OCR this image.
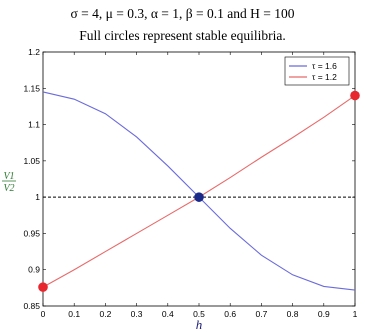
σ = 4, μ = 0.3, α = 1, β = 0.1 and H = 100
Full circles represent stable equilibria.
0	0.1 0.2 0.3 0.4 0.5 0.6 0.7 0.8 0.9	1
0.85
0.9
0.95
1
1.05
1.1
1.15
1.2
V1
V2
h
τ = 1.6
τ = 1.2
